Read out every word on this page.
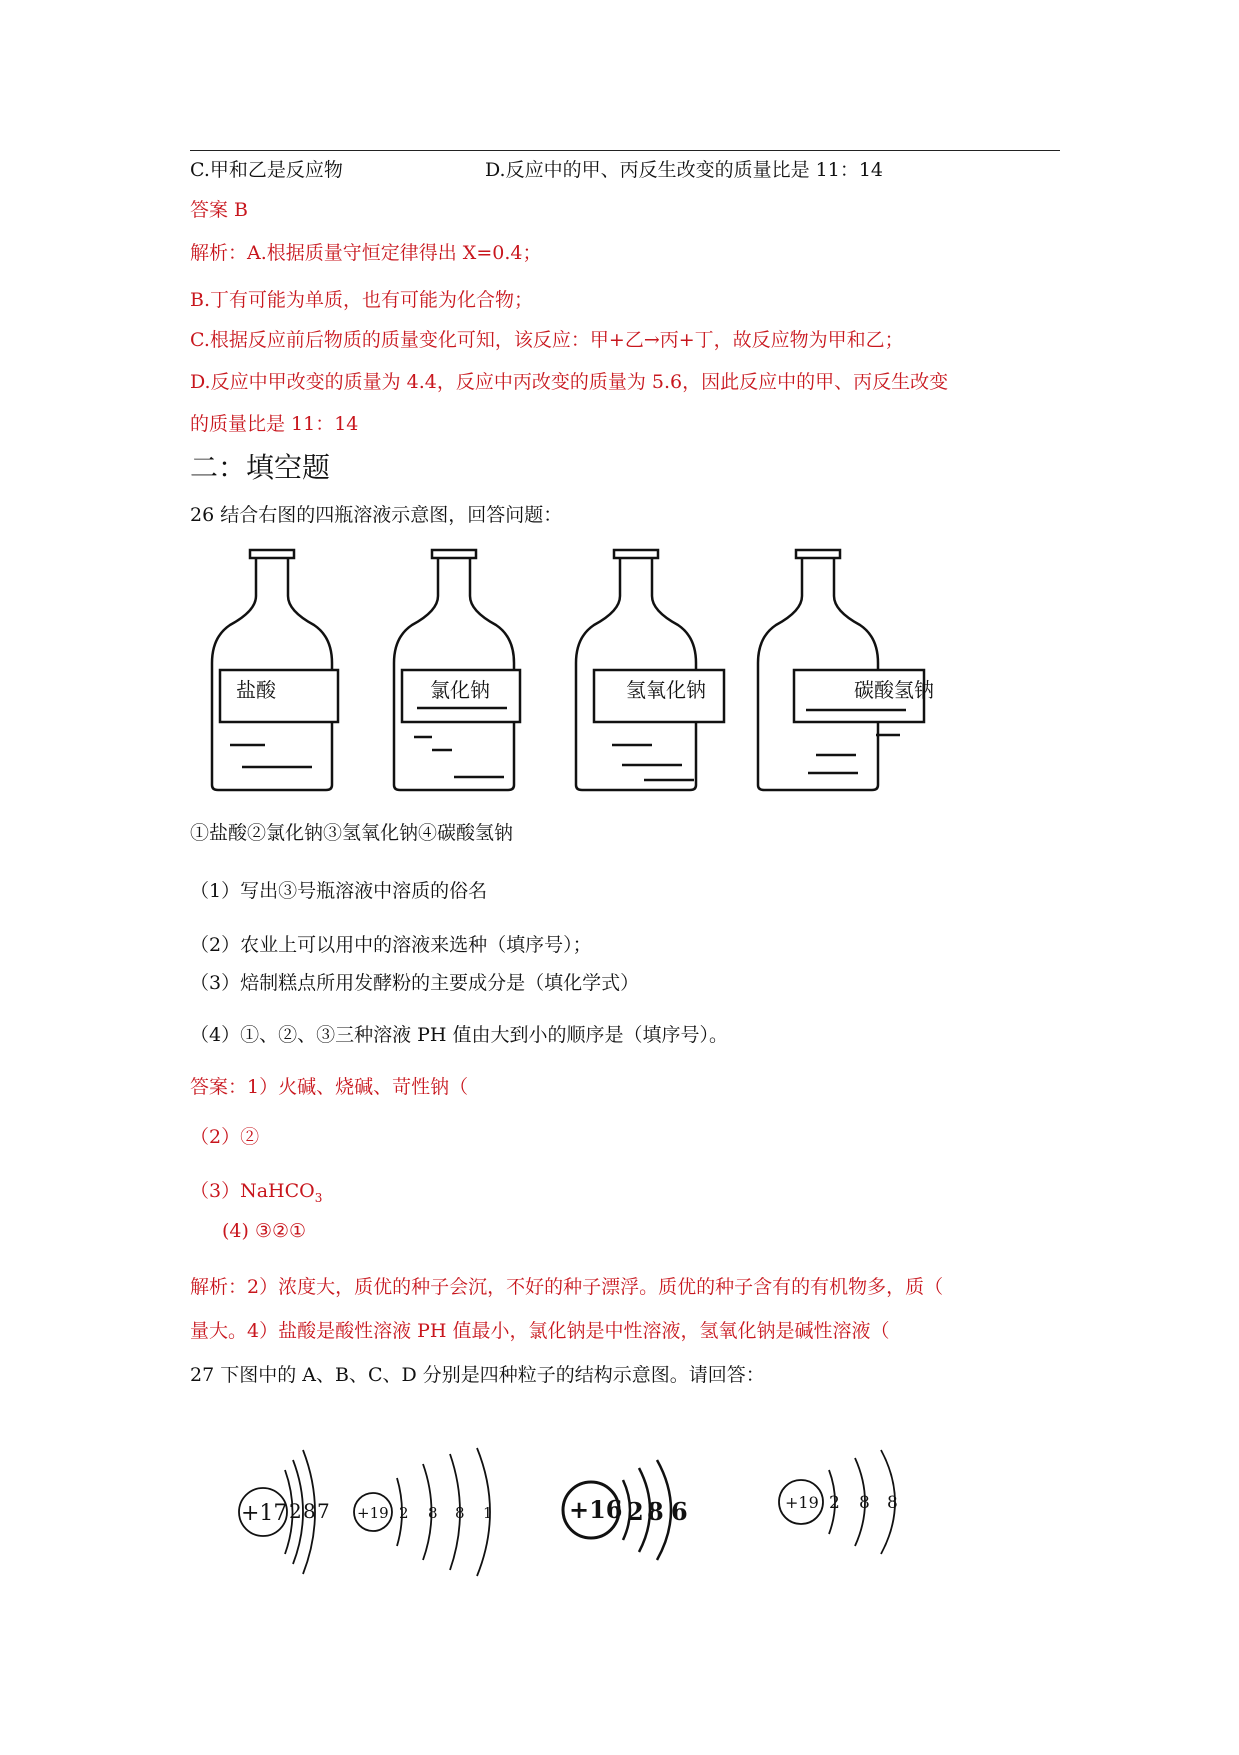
C.甲和乙是反应物	D.反应中的甲、丙反生改变的质量比是 11：14
答案 B
解析：A.根据质量守恒定律得出 X=0.4；
B.丁有可能为单质，也有可能为化合物；
C.根据反应前后物质的质量变化可知，该反应：甲+乙→丙+丁，故反应物为甲和乙；
D.反应中甲改变的质量为 4.4，反应中丙改变的质量为 5.6，因此反应中的甲、丙反生改变
的质量比是 11：14
二：填空题
26 结合右图的四瓶溶液示意图，回答问题：
盐酸	氯化钠	氢氧化钠	碳酸氢钠
①盐酸②氯化钠③氢氧化钠④碳酸氢钠
（1）写出③号瓶溶液中溶质的俗名
（2）农业上可以用中的溶液来选种（填序号）；
（3）焙制糕点所用发酵粉的主要成分是（填化学式）
（4）①、②、③三种溶液 PH 值由大到小的顺序是（填序号）。
答案：1）火碱、烧碱、苛性钠（
（2）②
（3）NaHCO$_3$
(4) ③②①
解析：2）浓度大，质优的种子会沉，不好的种子漂浮。质优的种子含有的有机物多，质（
量大。4）盐酸是酸性溶液 PH 值最小，氯化钠是中性溶液，氢氧化钠是碱性溶液（
27 下图中的 A、B、C、D 分别是四种粒子的结构示意图。请回答：
+17 2 8 7 +19 2 8 8 1	+16 2 8 6	+19 2 8 8
